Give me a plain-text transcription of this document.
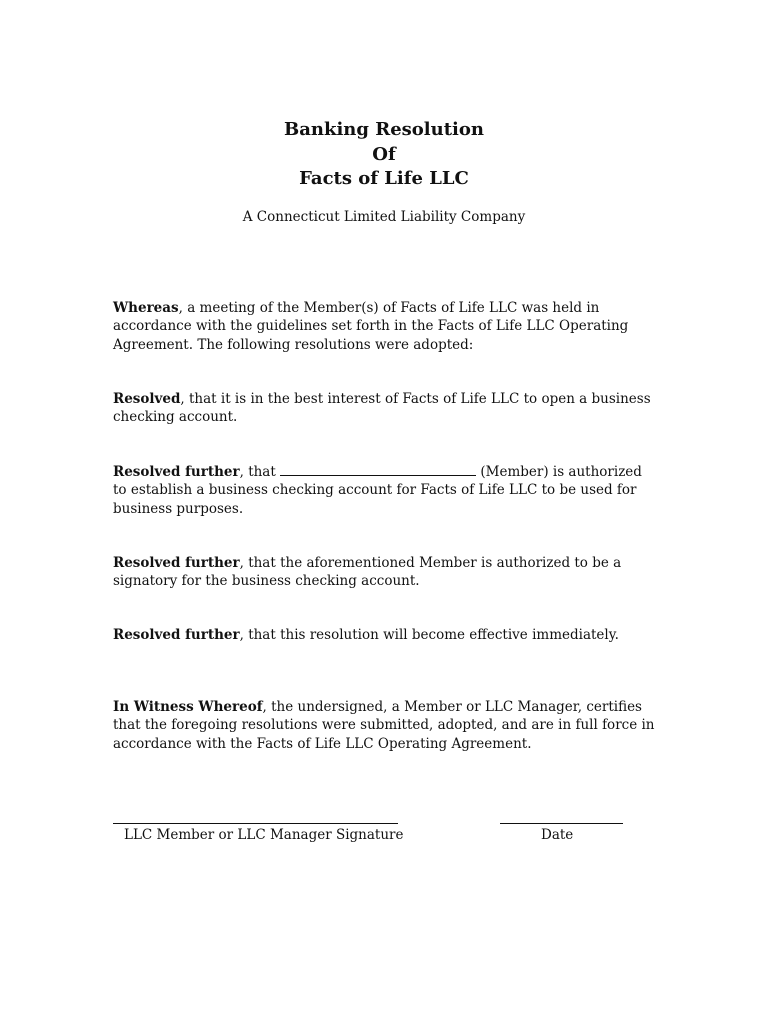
Banking Resolution

Of

Facts of Life LLC

A Connecticut Limited Liability Company

Whereas, a meeting of the Member(s) of Facts of Life LLC was held in accordance with the guidelines set forth in the Facts of Life LLC Operating Agreement. The following resolutions were adopted:

Resolved, that it is in the best interest of Facts of Life LLC to open a business checking account.

Resolved further, that	(Member) is authorized to establish a business checking account for Facts of Life LLC to be used for business purposes.

Resolved further, that the aforementioned Member is authorized to be a signatory for the business checking account.

Resolved further, that this resolution will become effective immediately.

In Witness Whereof, the undersigned, a Member or LLC Manager, certifies that the foregoing resolutions were submitted, adopted, and are in full force in accordance with the Facts of Life LLC Operating Agreement.

LLC Member or LLC Manager Signature	Date
